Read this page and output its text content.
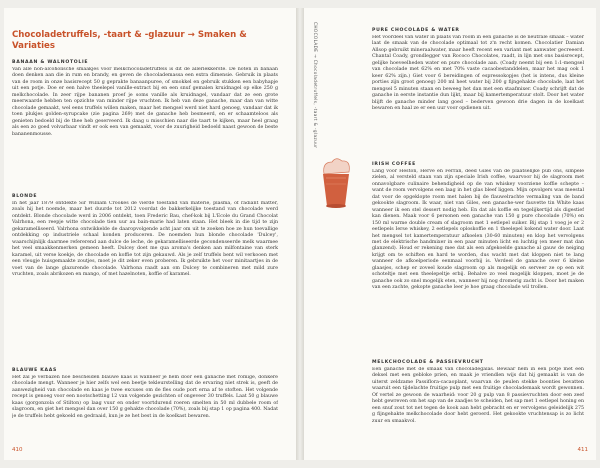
Chocoladetruffels, -taart & -glazuur → Smaken & Variaties
BANAAN & WALNOTOLIE
Van alle non-alcoholische smaakjes voor melkchocoladetruffels is dit de allerlekkerste. De noten in banaan doen denken aan die in rum en brandy, en geven de chocolademassa een extra dimensie. Gebruik in plaats van de room in onze basisrecept 50 g geprakte banaanpuree, of smokkel en gebruik stukken een babyhapje uit een potje. Doe er een halve theelepel vanille-extract bij en een snuf gemalen kruidnagel op elke 250 g melkchocolade. In zeer rijpe bananen proef je soms vanille als kruidnagel, vandaar dat ze een grote meerwaarde hebben ten opzichte van minder rijpe vruchten. Ik heb van deze ganache, maar dan van witte chocolade gemaakt, wel eens truffels willen maken, maar het mengsel werd niet hard genoeg, vandaar dat ik toen plukjes golden-syrupcake (zie pagina 269) met de ganache heb besmeerd, en er schaamteloos als genieten bedoeld bij de thee heb geserveerd. Ik daag u misschien naar die taart te kijken, maar heel graag als een zo goed volvarbaar vindt er ook een van gemaakt, voor de zuurigheid bedoeld naast gewoon de beste bananenmousse.
BLONDE
In het jaar 1879 ontdekte Sir William Crookes de vierde toestand van materie, plasma, of radiant matter, zoals hij het noemde, maar het duurde tot 2012 voordat de bakkerkelijke toestand van chocolade werd ontdekt. Blonde chocolade werd in 2006 ontdekt, toen Frederic Bau, chef-kok bij L'Ecole du Grand Chocolat Valrhona, een reepje witte chocolade tien uur au bain-marie had laten staan. Het bleek in die tijd te zijn gekaramelliseerd. Valrhona ontwikkelde de daaropvolgende acht jaar om uit te zoeken hoe ze hun toevallige ontdekking op industriele schaal konden produceren. De noemden hun blonde chocolade 'Dulcey', waarschijnlijk daarmee refererend aan dulce de leche, de gekaramelliseerde gecondenseerde melk waarmee het veel smaakkenmerken gemeen heeft. Dulcey doet me qua aroma's denken aan milfontaine van sterk karamel, uit verse koekje, de chocolade en koffie tot zijn gekauwd. Als je zelf truffels bent wil verkooen met een vleugje huisgemaakte zoutjes, moet je dit zeker even proberen. Ik gebruikte het voor minitaartjes in de voet van de lange glazurende chocolade. Valrhona raadt aan om Dulcey te combineren met mild zure vruchten, zoals abrikozen en mango, of met hazelnoten, koffie of karamel.
BLAUWE KAAS
Het zal je verbazen hoe bescheiden blauwe kaas is wanneer je hem door een ganache met romige, donkere chocolade mengt. Wanneer je hier zelfs wel een beetje tekleurstelling dat de ervaring niet strek is, geeft de aanwezigheid van chocolade en kaas je twee excuses om de fles oude port erna af te stoften. Het volgende recept is genoeg voor een nootschetting 12 van volgende gezichten of ongeveer 30 truffels. Laat 50 g blauwe kaas (gorgonzola of Stilton) op laag vuur en onder voortdurend roeren smelten in 50 ml dubbele room of slagroom, en giet het mengsel dan over 150 g gehakte chocolade (70%), zoals bij stap 1 op pagina 400. Nadat je de truffels hebt gekoeld en gedraaid, kun je ze het best in de koelkast bewaren.
410
CHOCOLADE → Chocoladetruffels, -taart & -glazuur	PURE CHOCOLADE & WATER
Het voordeel van water in plaats van room in een ganache is de neutrale smaak – water laat de smaak van de chocolade optimaal tot z'n recht komen. Chocolatier Damian Allsop gebruikt mineraalwater, maar heeft recent een variant met aanwater gecreeerd. Chantal Coady, grondlegger van Rococo Chocolates, raadt, in lijn met ons basisrecept, gelijke hoeveelheden water en pure chocolade aan. (Coady neemt bij een 1:1-mengsel van chocolade met 62% en met 70% vaste cacaobestanddelen, maar het mag ook 1 keer 62% zijn.) Giet voor 6 bereidingen of espressokopjes (het is intens, dus kleine porties zijn groot genoeg) 200 ml heet water bij 200 g fijngehakte chocolade, laat het mengsel 5 minuten staan en beweeg het dan met een staafmixer. Coady schrijft dat de ganache in eerste instantie dun lijkt, maar bij kamertemperatuur stolt. Door het water blijft de ganache minder lang goed – bederven gewoon drie dagen in de koelkast bewaren en haal ze er een uur voor opdienen uit.
IRISH COFFEE
Lang voor Heston, Herve en Ferran, deed Giles van de plaatselijke pub ons, simpele zielen, al versteld staan van zijn speciale Irish coffee, waarvoor hij de slagroom met onnavolgbare culinaire behendigheid op de van whiskey voorziene koffie schepte – want de room vervolgens een laag in het glas bleef liggen. Mijn opvolgers was meestal dat voor de opgeklopte room met halen bij de flauwelrachte vermaling van de band gekookte slagroom. Ik waar, niet van Giles, een ganache-wer fauvette tin White kaas wanneer ik een stel dessert nodig heb. En dat als koffie en tegelijkertijd als digestief kan dienen. Maak voor 6 personen een ganache van 150 g pure chocolade (70%) en 150 ml warme double cream of slagroom met 1 eetlepel suiker. Bij stap 1 voeg je er 2 eetlepels Ierse whiskey, 2 eetlepels oploskoffie en 1 theelepel kokend water door. Laat het mengsel tot kamertemperatuur afkoelen (30-60 minuten) en klop het vervolgens met de elektrische handmixer in een paar minuten licht en luchtig (en meer mat dan glanzend). Houd er rekening mee dat als een afgekoelde ganache al gauw de neiging krijgt om te schiften en hard te worden, dus wacht met dat kloppen niet te lang wanneer de afkoelperiode eenmaal voorbij is. Verdeel de ganache over 6 kleine glaasjes, schep er zoveel koude slagroom op als mogelijk en serveer ze op een wit schoteltje met een theelepeltje erbij. Behalve zo veel mogelijk kloppen, moet je de ganache ook zo snel mogelijk eten, wanneer hij nog dromerig zacht is. Door het maken van een zachte, gekopte ganache leer je hoe graag chocolade wil trollen.
MELKCHOCOLADE & PASSIEVRUCHT
Een ganache met de smaak van chocoladegalas. Bewaar hem in een potje met een deksel met een gebloke prien, en maak je vriendlen wijs dat hij gemaakt is van de uiterst zeldzame Passiflora-cacaoplant, waarvan de peulen stekke boonties bevatten waaruit een tijdelachte fruitige pulp met een fruitige chocolademaak wordt gewonnen. Of vertel ze gewoon de waarheid: voor 20 g pulp van 8 passievruchten door een zeef hebt gewreven om het sap van de zaadjes te scheiden, het sap met 1 eetlepel honing en een snuf zout tot net tegen de kook aan hebt gebracht en er vervolgens geleidelijk 275 g fijngehakte melkchocolade door hebt geroerd. Het gekookte vruchtensap is zo licht zuur en smaakvol.
411
